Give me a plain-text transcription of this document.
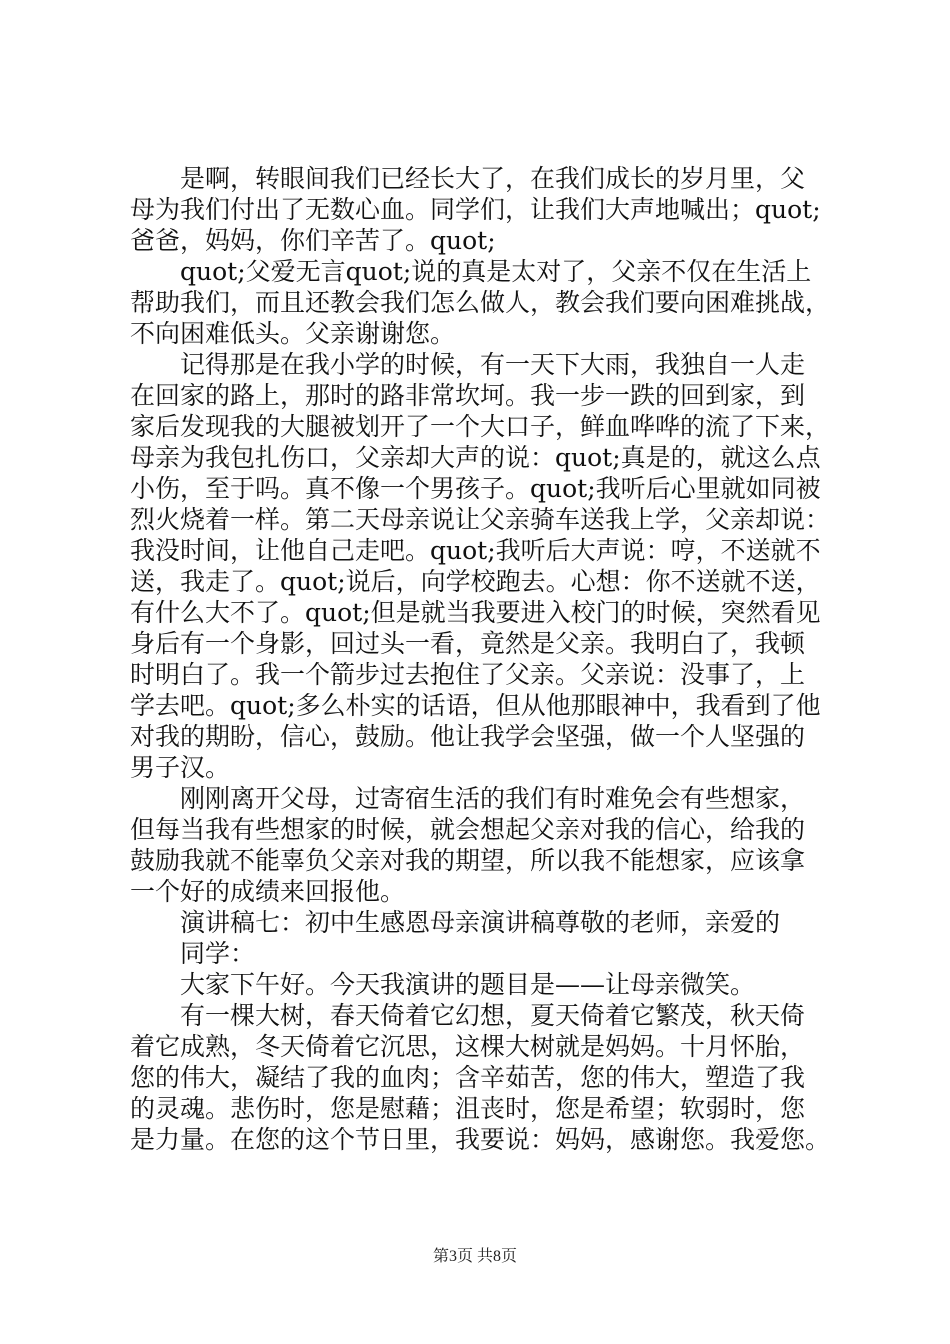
是啊，转眼间我们已经长大了，在我们成长的岁月里，父
母为我们付出了无数心血。同学们，让我们大声地喊出；quot;
爸爸，妈妈，你们辛苦了。quot;
quot;父爱无言quot;说的真是太对了，父亲不仅在生活上
帮助我们，而且还教会我们怎么做人，教会我们要向困难挑战，
不向困难低头。父亲谢谢您。
记得那是在我小学的时候，有一天下大雨，我独自一人走
在回家的路上，那时的路非常坎坷。我一步一跌的回到家，到
家后发现我的大腿被划开了一个大口子，鲜血哗哗的流了下来，
母亲为我包扎伤口，父亲却大声的说：quot;真是的，就这么点
小伤，至于吗。真不像一个男孩子。quot;我听后心里就如同被
烈火烧着一样。第二天母亲说让父亲骑车送我上学，父亲却说：
我没时间，让他自己走吧。quot;我听后大声说：哼，不送就不
送，我走了。quot;说后，向学校跑去。心想：你不送就不送，
有什么大不了。quot;但是就当我要进入校门的时候，突然看见
身后有一个身影，回过头一看，竟然是父亲。我明白了，我顿
时明白了。我一个箭步过去抱住了父亲。父亲说：没事了，上
学去吧。quot;多么朴实的话语，但从他那眼神中，我看到了他
对我的期盼，信心，鼓励。他让我学会坚强，做一个人坚强的
男子汉。
刚刚离开父母，过寄宿生活的我们有时难免会有些想家，
但每当我有些想家的时候，就会想起父亲对我的信心，给我的
鼓励我就不能辜负父亲对我的期望，所以我不能想家，应该拿
一个好的成绩来回报他。
演讲稿七：初中生感恩母亲演讲稿尊敬的老师，亲爱的
同学：
大家下午好。今天我演讲的题目是——让母亲微笑。
有一棵大树，春天倚着它幻想，夏天倚着它繁茂，秋天倚
着它成熟，冬天倚着它沉思，这棵大树就是妈妈。十月怀胎，
您的伟大，凝结了我的血肉；含辛茹苦，您的伟大，塑造了我
的灵魂。悲伤时，您是慰藉；沮丧时，您是希望；软弱时，您
是力量。在您的这个节日里，我要说：妈妈，感谢您。我爱您。
第3页 共8页
